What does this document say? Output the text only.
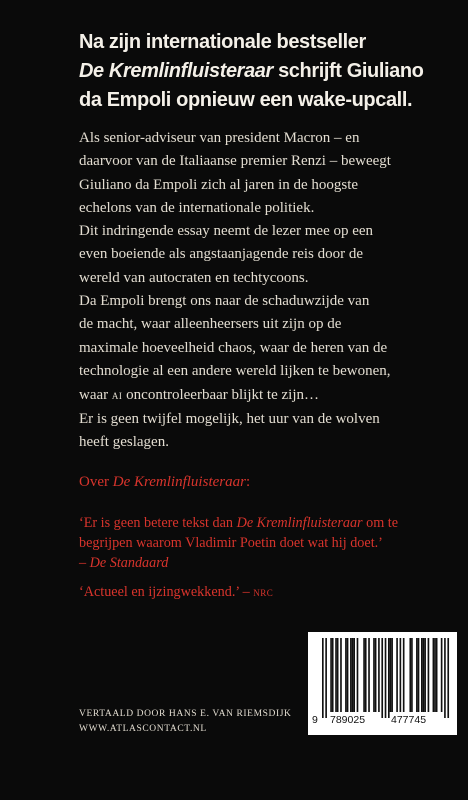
Na zijn internationale bestseller
De Kremlinfluisteraar schrijft Giuliano
da Empoli opnieuw een wake-upcall.
Als senior-adviseur van president Macron – en
daarvoor van de Italiaanse premier Renzi – beweegt
Giuliano da Empoli zich al jaren in de hoogste
echelons van de internationale politiek.
Dit indringende essay neemt de lezer mee op een
even boeiende als angstaanjagende reis door de
wereld van autocraten en techtycoons.
Da Empoli brengt ons naar de schaduwzijde van
de macht, waar alleenheersers uit zijn op de
maximale hoeveelheid chaos, waar de heren van de
technologie al een andere wereld lijken te bewonen,
waar ai oncontroleerbaar blijkt te zijn…
Er is geen twijfel mogelijk, het uur van de wolven
heeft geslagen.
Over De Kremlinfluisteraar:
‘Er is geen betere tekst dan De Kremlinfluisteraar om te
begrijpen waarom Vladimir Poetin doet wat hij doet.’
– De Standaard
‘Actueel en ijzingwekkend.’ – nrc
VERTAALD DOOR HANS E. VAN RIEMSDIJK
WWW.ATLASCONTACT.NL
9 789025 477745
